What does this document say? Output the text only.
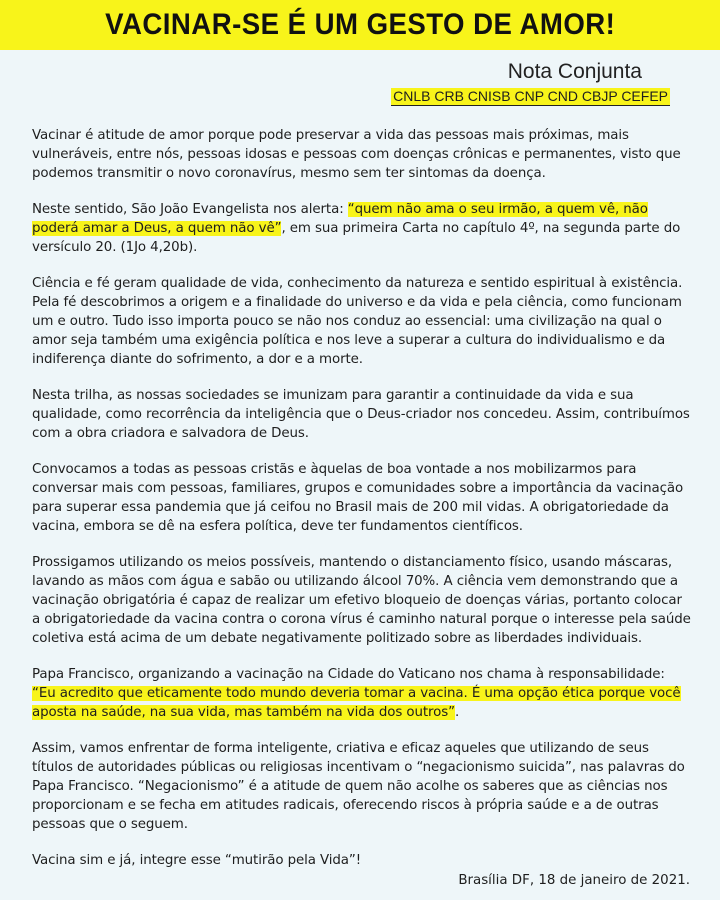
VACINAR-SE É UM GESTO DE AMOR!
Nota Conjunta
CNLB CRB CNISB CNP CND CBJP CEFEP

Vacinar é atitude de amor porque pode preservar a vida das pessoas mais próximas, mais vulneráveis, entre nós, pessoas idosas e pessoas com doenças crônicas e permanentes, visto que podemos transmitir o novo coronavírus, mesmo sem ter sintomas da doença.

Neste sentido, São João Evangelista nos alerta: “quem não ama o seu irmão, a quem vê, não poderá amar a Deus, a quem não vê”, em sua primeira Carta no capítulo 4º, na segunda parte do versículo 20. (1Jo 4,20b).

Ciência e fé geram qualidade de vida, conhecimento da natureza e sentido espiritual à existência. Pela fé descobrimos a origem e a finalidade do universo e da vida e pela ciência, como funcionam um e outro. Tudo isso importa pouco se não nos conduz ao essencial: uma civilização na qual o amor seja também uma exigência política e nos leve a superar a cultura do individualismo e da indiferença diante do sofrimento, a dor e a morte.

Nesta trilha, as nossas sociedades se imunizam para garantir a continuidade da vida e sua qualidade, como recorrência da inteligência que o Deus-criador nos concedeu. Assim, contribuímos com a obra criadora e salvadora de Deus.

Convocamos a todas as pessoas cristãs e àquelas de boa vontade a nos mobilizarmos para conversar mais com pessoas, familiares, grupos e comunidades sobre a importância da vacinação para superar essa pandemia que já ceifou no Brasil mais de 200 mil vidas. A obrigatoriedade da vacina, embora se dê na esfera política, deve ter fundamentos científicos.

Prossigamos utilizando os meios possíveis, mantendo o distanciamento físico, usando máscaras, lavando as mãos com água e sabão ou utilizando álcool 70%. A ciência vem demonstrando que a vacinação obrigatória é capaz de realizar um efetivo bloqueio de doenças várias, portanto colocar a obrigatoriedade da vacina contra o corona vírus é caminho natural porque o interesse pela saúde coletiva está acima de um debate negativamente politizado sobre as liberdades individuais.

Papa Francisco, organizando a vacinação na Cidade do Vaticano nos chama à responsabilidade: “Eu acredito que eticamente todo mundo deveria tomar a vacina. É uma opção ética porque você aposta na saúde, na sua vida, mas também na vida dos outros”.

Assim, vamos enfrentar de forma inteligente, criativa e eficaz aqueles que utilizando de seus títulos de autoridades públicas ou religiosas incentivam o “negacionismo suicida”, nas palavras do Papa Francisco. “Negacionismo” é a atitude de quem não acolhe os saberes que as ciências nos proporcionam e se fecha em atitudes radicais, oferecendo riscos à própria saúde e a de outras pessoas que o seguem.

Vacina sim e já, integre esse “mutirão pela Vida”!

Brasília DF, 18 de janeiro de 2021.
